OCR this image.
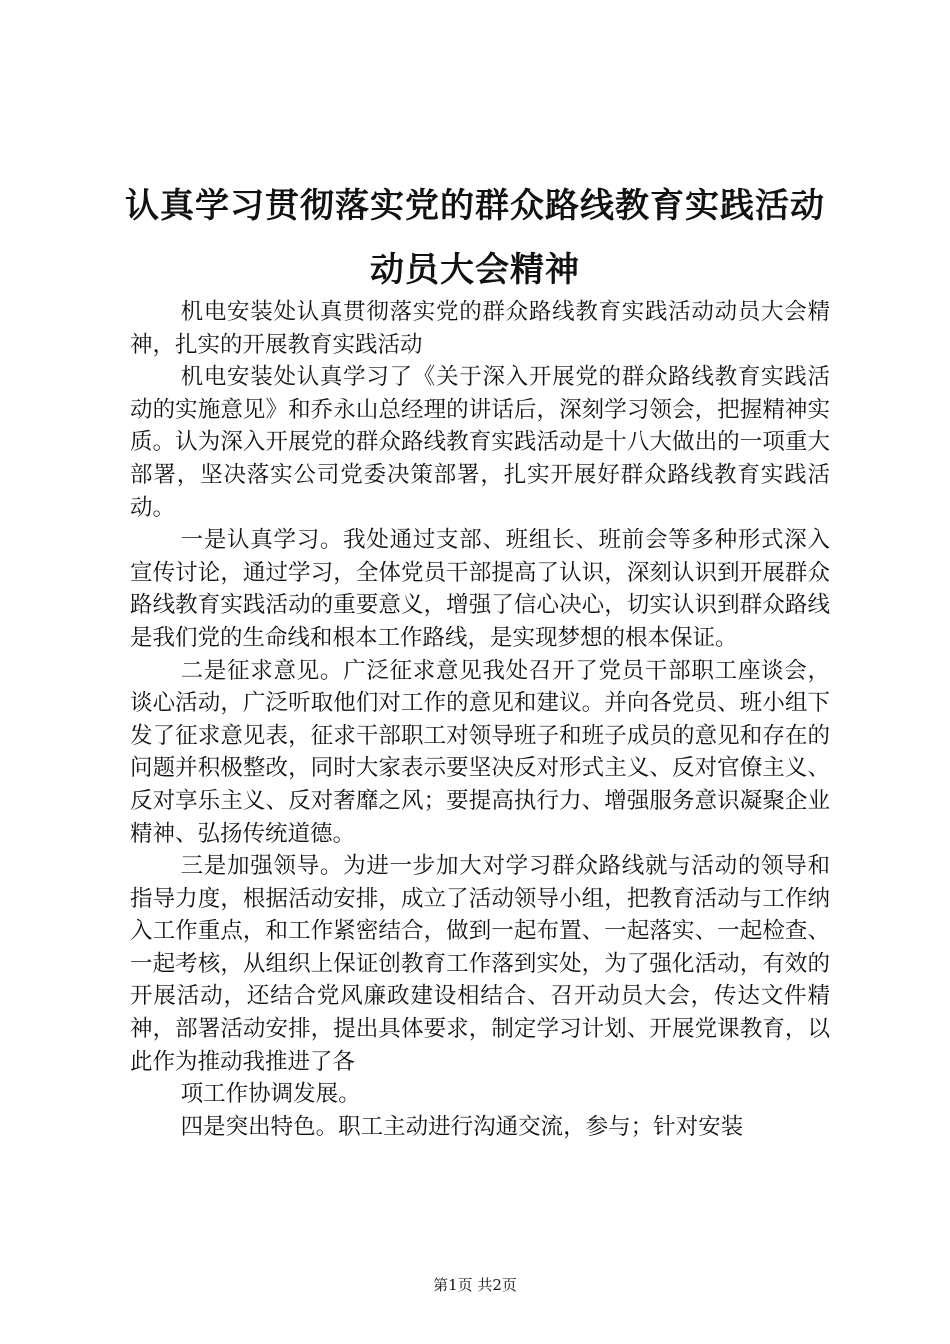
认真学习贯彻落实党的群众路线教育实践活动
动员大会精神

机电安装处认真贯彻落实党的群众路线教育实践活动动员大会精神，扎实的开展教育实践活动

机电安装处认真学习了《关于深入开展党的群众路线教育实践活动的实施意见》和乔永山总经理的讲话后，深刻学习领会，把握精神实质。认为深入开展党的群众路线教育实践活动是十八大做出的一项重大部署，坚决落实公司党委决策部署，扎实开展好群众路线教育实践活动。

一是认真学习。我处通过支部、班组长、班前会等多种形式深入宣传讨论，通过学习，全体党员干部提高了认识，深刻认识到开展群众路线教育实践活动的重要意义，增强了信心决心，切实认识到群众路线是我们党的生命线和根本工作路线，是实现梦想的根本保证。

二是征求意见。广泛征求意见我处召开了党员干部职工座谈会，谈心活动，广泛听取他们对工作的意见和建议。并向各党员、班小组下发了征求意见表，征求干部职工对领导班子和班子成员的意见和存在的问题并积极整改，同时大家表示要坚决反对形式主义、反对官僚主义、反对享乐主义、反对奢靡之风；要提高执行力、增强服务意识凝聚企业精神、弘扬传统道德。

三是加强领导。为进一步加大对学习群众路线就与活动的领导和指导力度，根据活动安排，成立了活动领导小组，把教育活动与工作纳入工作重点，和工作紧密结合，做到一起布置、一起落实、一起检查、一起考核，从组织上保证创教育工作落到实处，为了强化活动，有效的开展活动，还结合党风廉政建设相结合、召开动员大会，传达文件精神，部署活动安排，提出具体要求，制定学习计划、开展党课教育，以此作为推动我推进了各

项工作协调发展。

四是突出特色。职工主动进行沟通交流，参与；针对安装

第1页 共2页
